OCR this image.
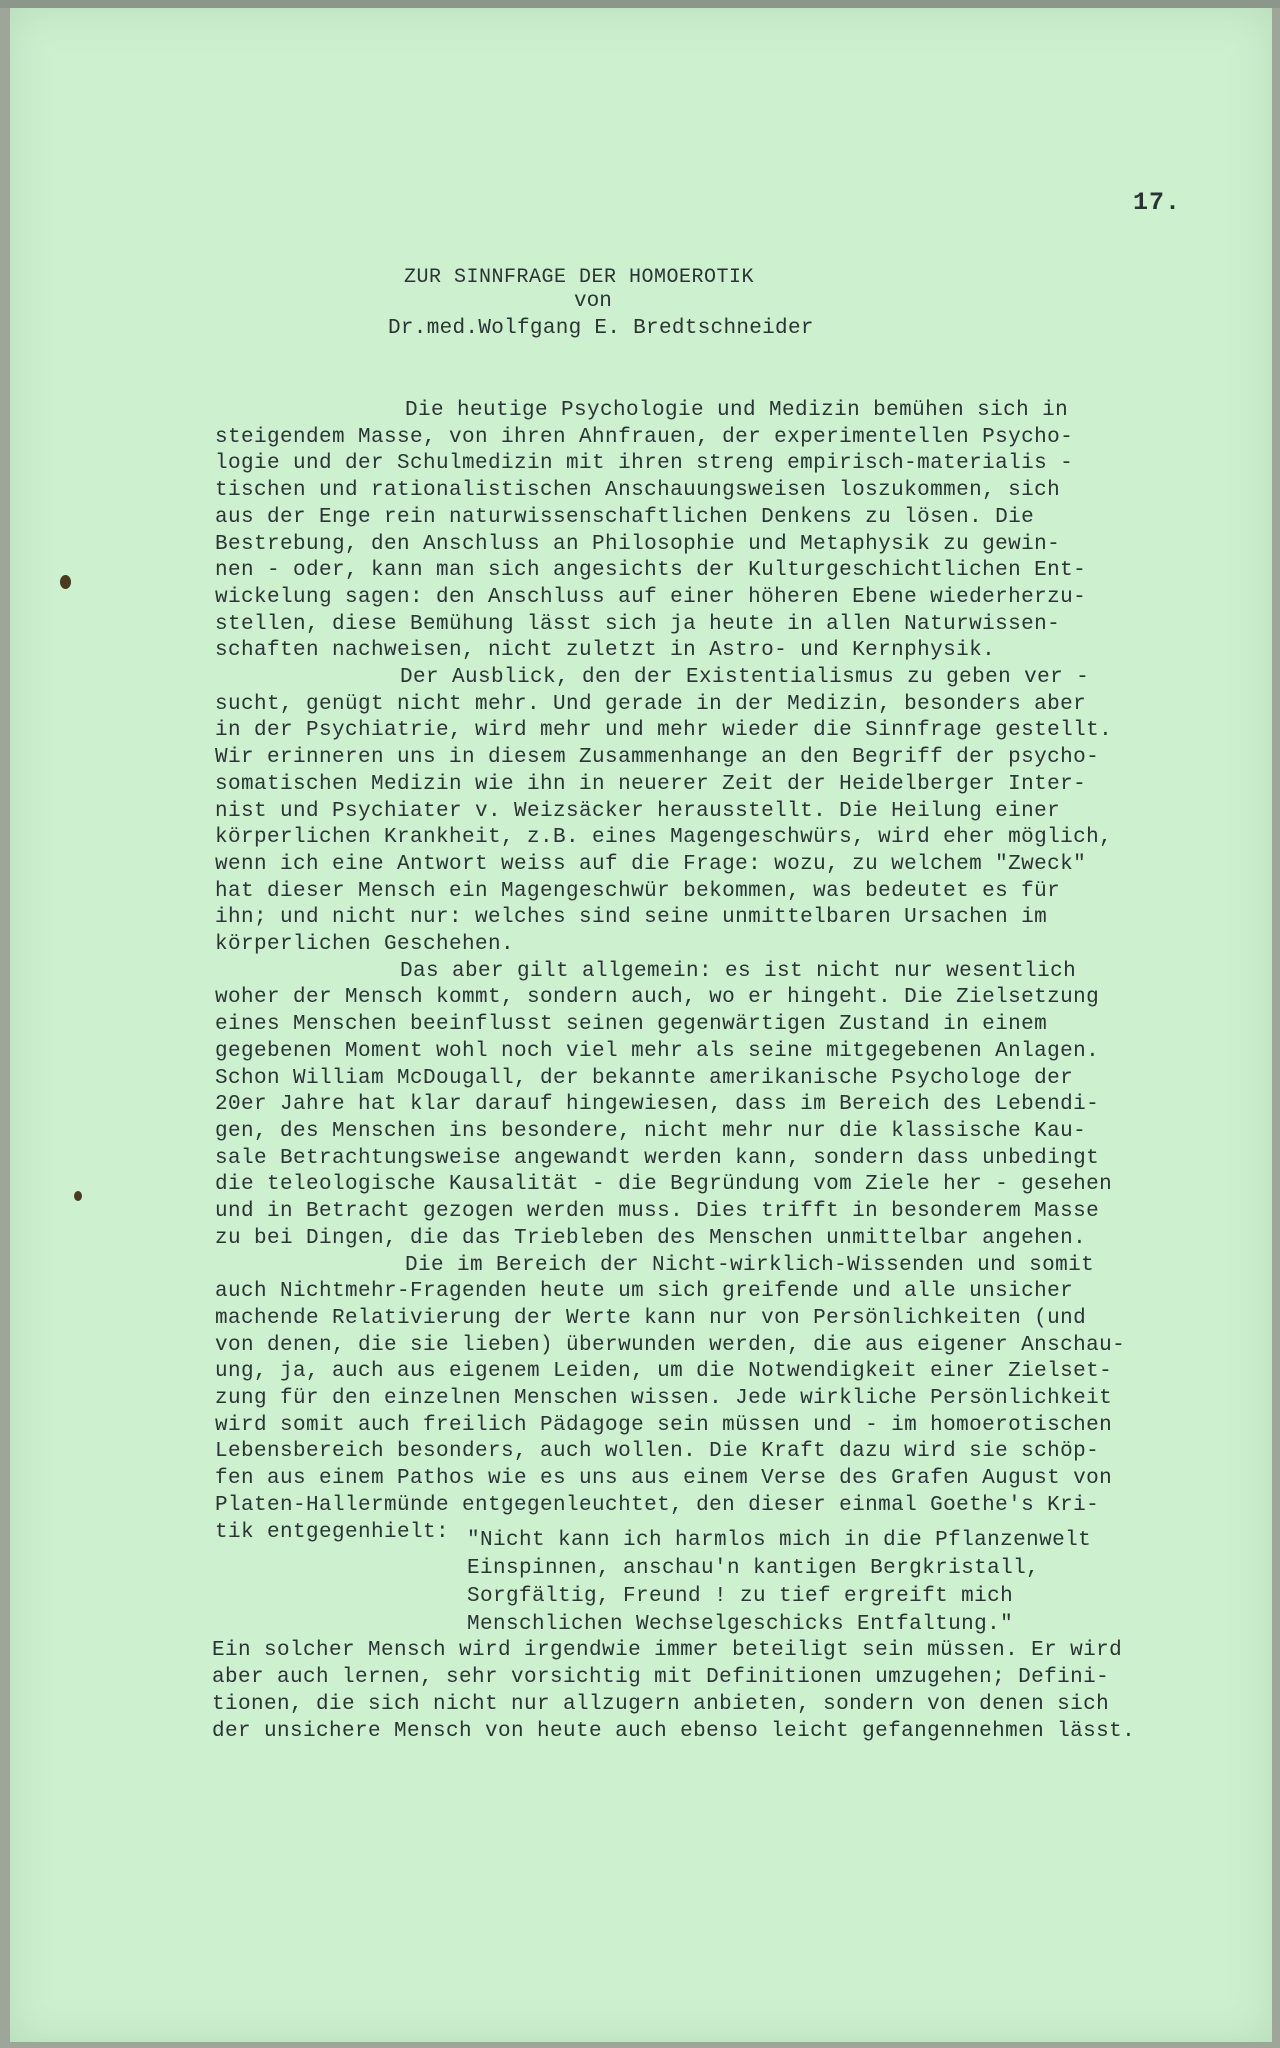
17.
ZUR SINNFRAGE DER HOMOEROTIK
von
Dr.med.Wolfgang E. Bredtschneider
Die heutige Psychologie und Medizin bemühen sich in
steigendem Masse, von ihren Ahnfrauen, der experimentellen Psycho-
logie und der Schulmedizin mit ihren streng empirisch-materialis -
tischen und rationalistischen Anschauungsweisen loszukommen, sich
aus der Enge rein naturwissenschaftlichen Denkens zu lösen. Die
Bestrebung, den Anschluss an Philosophie und Metaphysik zu gewin-
nen - oder, kann man sich angesichts der Kulturgeschichtlichen Ent-
wickelung sagen: den Anschluss auf einer höheren Ebene wiederherzu-
stellen, diese Bemühung lässt sich ja heute in allen Naturwissen-
schaften nachweisen, nicht zuletzt in Astro- und Kernphysik.
Der Ausblick, den der Existentialismus zu geben ver -
sucht, genügt nicht mehr. Und gerade in der Medizin, besonders aber
in der Psychiatrie, wird mehr und mehr wieder die Sinnfrage gestellt.
Wir erinneren uns in diesem Zusammenhange an den Begriff der psycho-
somatischen Medizin wie ihn in neuerer Zeit der Heidelberger Inter-
nist und Psychiater v. Weizsäcker herausstellt. Die Heilung einer
körperlichen Krankheit, z.B. eines Magengeschwürs, wird eher möglich,
wenn ich eine Antwort weiss auf die Frage: wozu, zu welchem "Zweck"
hat dieser Mensch ein Magengeschwür bekommen, was bedeutet es für
ihn; und nicht nur: welches sind seine unmittelbaren Ursachen im
körperlichen Geschehen.
Das aber gilt allgemein: es ist nicht nur wesentlich
woher der Mensch kommt, sondern auch, wo er hingeht. Die Zielsetzung
eines Menschen beeinflusst seinen gegenwärtigen Zustand in einem
gegebenen Moment wohl noch viel mehr als seine mitgegebenen Anlagen.
Schon William McDougall, der bekannte amerikanische Psychologe der
20er Jahre hat klar darauf hingewiesen, dass im Bereich des Lebendi-
gen, des Menschen ins besondere, nicht mehr nur die klassische Kau-
sale Betrachtungsweise angewandt werden kann, sondern dass unbedingt
die teleologische Kausalität - die Begründung vom Ziele her - gesehen
und in Betracht gezogen werden muss. Dies trifft in besonderem Masse
zu bei Dingen, die das Triebleben des Menschen unmittelbar angehen.
Die im Bereich der Nicht-wirklich-Wissenden und somit
auch Nichtmehr-Fragenden heute um sich greifende und alle unsicher
machende Relativierung der Werte kann nur von Persönlichkeiten (und
von denen, die sie lieben) überwunden werden, die aus eigener Anschau-
ung, ja, auch aus eigenem Leiden, um die Notwendigkeit einer Zielset-
zung für den einzelnen Menschen wissen. Jede wirkliche Persönlichkeit
wird somit auch freilich Pädagoge sein müssen und - im homoerotischen
Lebensbereich besonders, auch wollen. Die Kraft dazu wird sie schöp-
fen aus einem Pathos wie es uns aus einem Verse des Grafen August von
Platen-Hallermünde entgegenleuchtet, den dieser einmal Goethe's Kri-
tik entgegenhielt: "Nicht kann ich harmlos mich in die Pflanzenwelt
Einspinnen, anschau'n kantigen Bergkristall,
Sorgfältig, Freund ! zu tief ergreift mich
Menschlichen Wechselgeschicks Entfaltung."
Ein solcher Mensch wird irgendwie immer beteiligt sein müssen. Er wird
aber auch lernen, sehr vorsichtig mit Definitionen umzugehen; Defini-
tionen, die sich nicht nur allzugern anbieten, sondern von denen sich
der unsichere Mensch von heute auch ebenso leicht gefangennehmen lässt.
